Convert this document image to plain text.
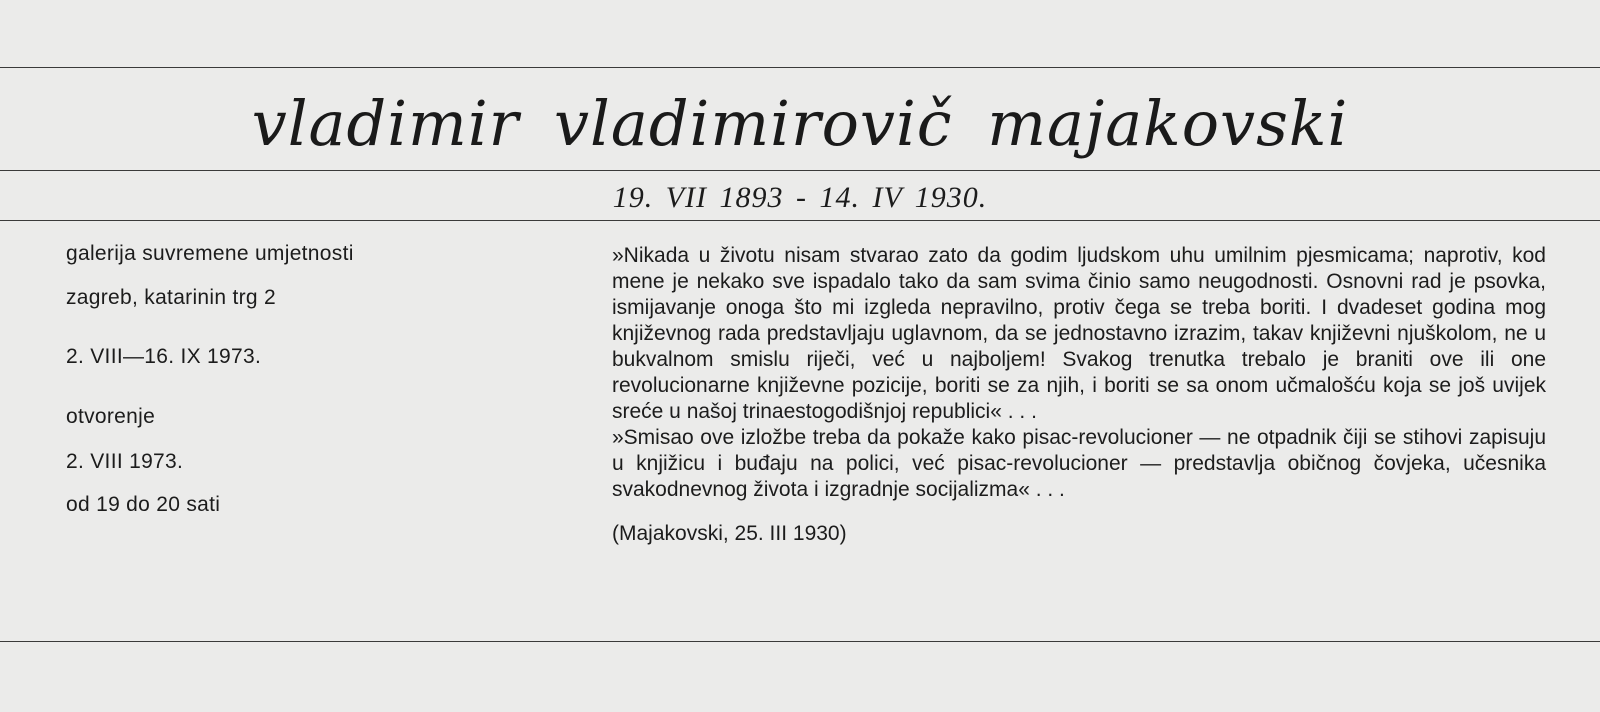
vladimir vladimirovič majakovski
19. VII 1893 - 14. IV 1930.
galerija suvremene umjetnosti
zagreb, katarinin trg 2
2. VIII—16. IX 1973.
otvorenje
2. VIII 1973.
od 19 do 20 sati

»Nikada u životu nisam stvarao zato da godim ljudskom uhu umilnim pjesmicama; naprotiv, kod mene je nekako sve ispadalo tako da sam svima činio samo neugodnosti. Osnovni rad je psovka, ismijavanje onoga što mi izgleda nepravilno, protiv čega se treba boriti. I dvadeset godina mog književnog rada predstavljaju uglavnom, da se jednostavno izrazim, takav književni njuškolom, ne u bukvalnom smislu riječi, već u najboljem! Svakog trenutka trebalo je braniti ove ili one revolucionarne književne pozicije, boriti se za njih, i boriti se sa onom učmalošću koja se još uvijek sreće u našoj trinaestogodišnjoj republici« . . .

»Smisao ove izložbe treba da pokaže kako pisac-revolucioner — ne otpadnik čiji se stihovi zapisuju u knjižicu i buđaju na polici, već pisac-revolucioner — predstavlja običnog čovjeka, učesnika svakodnevnog života i izgradnje socijalizma« . . .

(Majakovski, 25. III 1930)
